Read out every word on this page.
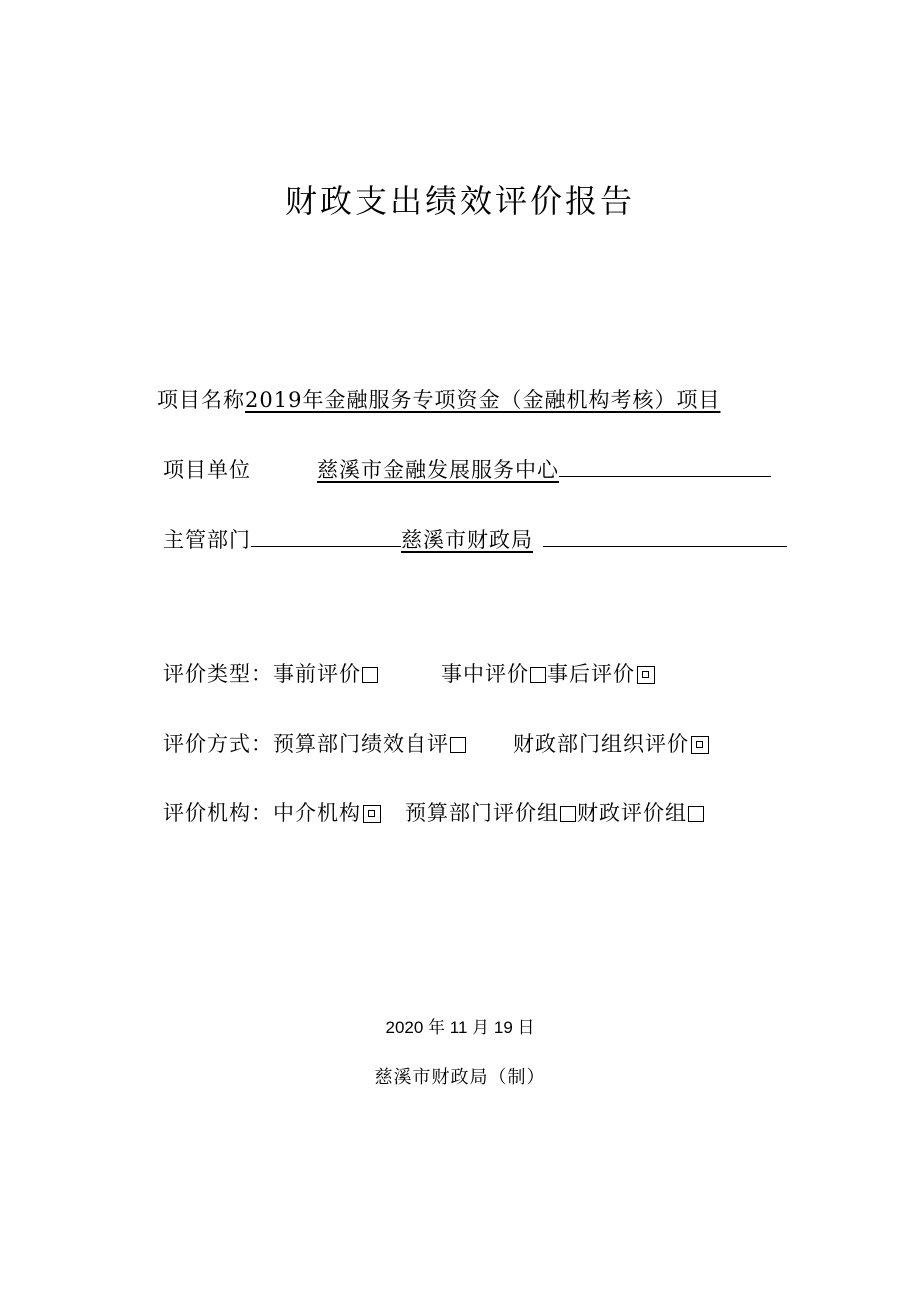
财政支出绩效评价报告
项目名称2019年金融服务专项资金（金融机构考核）项目
项目单位	慈溪市金融发展服务中心
主管部门	慈溪市财政局
评价类型：事前评价	事中评价 事后评价
评价方式：预算部门绩效自评	财政部门组织评价
评价机构：中介机构 预算部门评价组 财政评价组
2020 年 11 月 19 日
慈溪市财政局（制）
